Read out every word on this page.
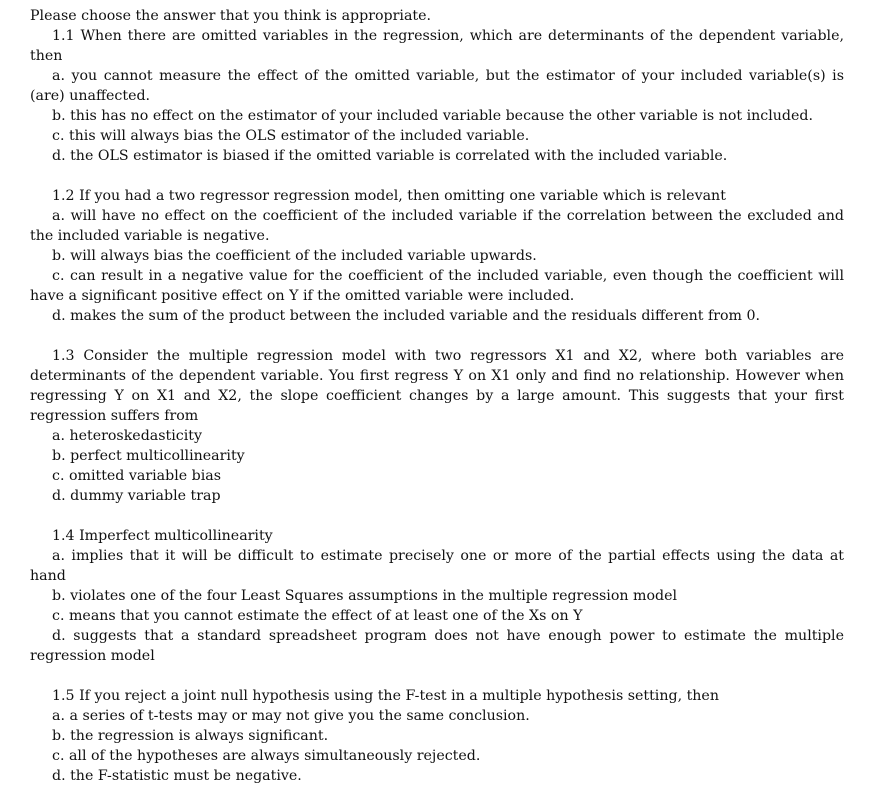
Please choose the answer that you think is appropriate.

1.1 When there are omitted variables in the regression, which are determinants of the dependent variable, then

a. you cannot measure the effect of the omitted variable, but the estimator of your included variable(s) is (are) unaffected.

b. this has no effect on the estimator of your included variable because the other variable is not included.

c. this will always bias the OLS estimator of the included variable.

d. the OLS estimator is biased if the omitted variable is correlated with the included variable.

1.2 If you had a two regressor regression model, then omitting one variable which is relevant

a. will have no effect on the coefficient of the included variable if the correlation between the excluded and the included variable is negative.

b. will always bias the coefficient of the included variable upwards.

c. can result in a negative value for the coefficient of the included variable, even though the coefficient will have a significant positive effect on Y if the omitted variable were included.

d. makes the sum of the product between the included variable and the residuals different from 0.

1.3 Consider the multiple regression model with two regressors X1 and X2, where both variables are determinants of the dependent variable. You first regress Y on X1 only and find no relationship. However when regressing Y on X1 and X2, the slope coefficient changes by a large amount. This suggests that your first regression suffers from

a. heteroskedasticity

b. perfect multicollinearity

c. omitted variable bias

d. dummy variable trap

1.4 Imperfect multicollinearity

a. implies that it will be difficult to estimate precisely one or more of the partial effects using the data at hand

b. violates one of the four Least Squares assumptions in the multiple regression model

c. means that you cannot estimate the effect of at least one of the Xs on Y

d. suggests that a standard spreadsheet program does not have enough power to estimate the multiple regression model

1.5 If you reject a joint null hypothesis using the F-test in a multiple hypothesis setting, then

a. a series of t-tests may or may not give you the same conclusion.

b. the regression is always significant.

c. all of the hypotheses are always simultaneously rejected.

d. the F-statistic must be negative.
